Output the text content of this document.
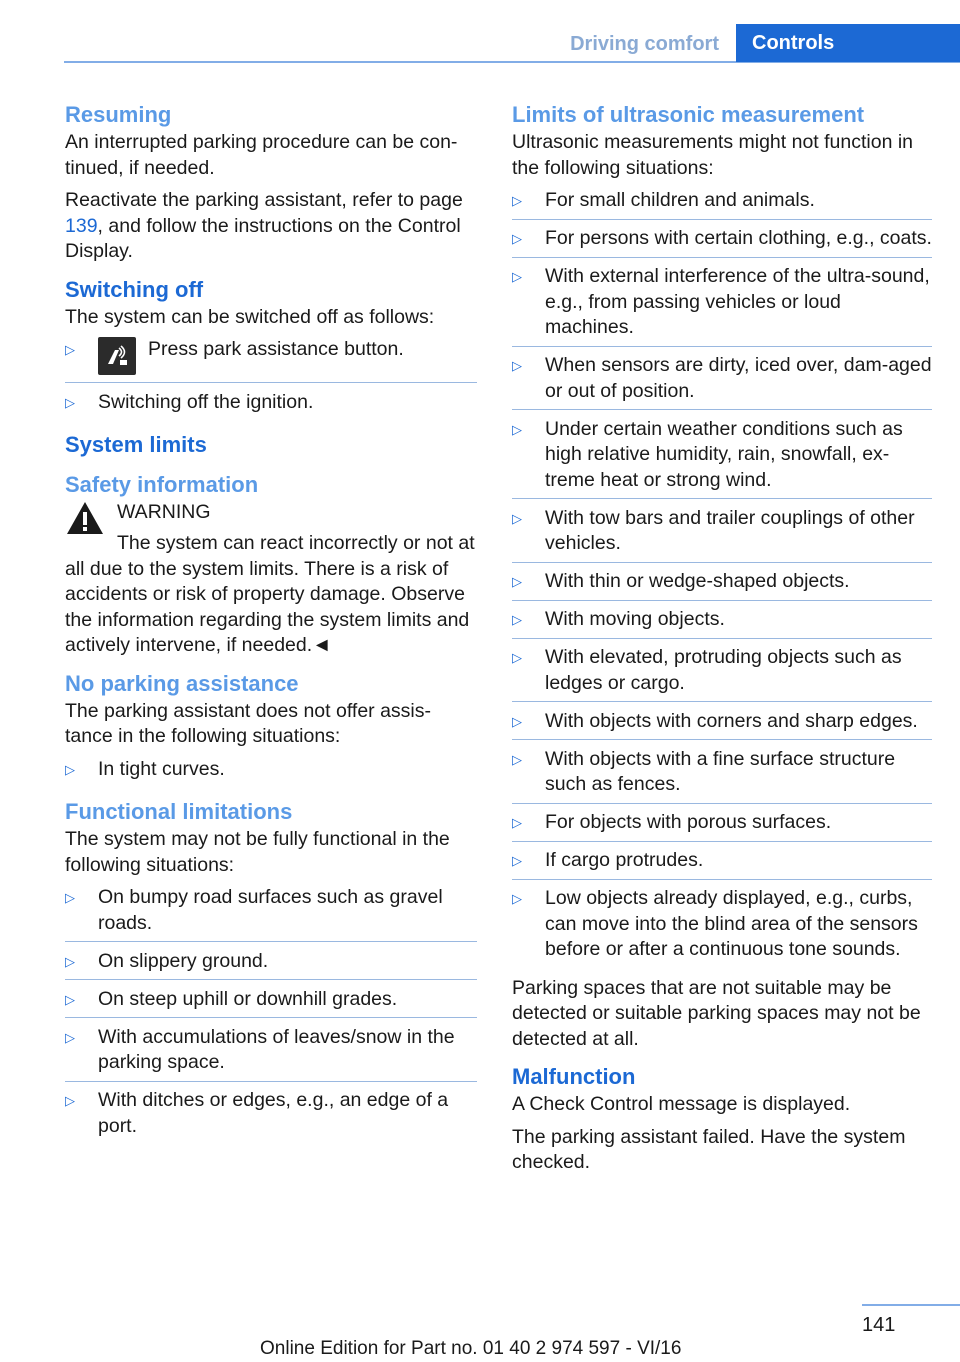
Driving comfort	Controls
Resuming

An interrupted parking procedure can be con‐tinued, if needed.

Reactivate the parking assistant, refer to page 139, and follow the instructions on the Control Display.

Switching off

The system can be switched off as follows:

▷	Press park assistance button.
▷ Switching off the ignition.
System limits
Safety information
WARNING

The system can react incorrectly or not at all due to the system limits. There is a risk of accidents or risk of property damage. Observe the information regarding the system limits and actively intervene, if needed.◄

No parking assistance

The parking assistant does not offer assis‐tance in the following situations:

▷ In tight curves.
Functional limitations

The system may not be fully functional in the following situations:

▷ On bumpy road surfaces such as gravel roads.
▷ On slippery ground.
▷ On steep uphill or downhill grades.
▷ With accumulations of leaves/snow in the parking space.
▷ With ditches or edges, e.g., an edge of a port.
Limits of ultrasonic measurement

Ultrasonic measurements might not function in the following situations:

▷ For small children and animals.
▷ For persons with certain clothing, e.g., coats.
▷ With external interference of the ultra‐sound, e.g., from passing vehicles or loud machines.
▷ When sensors are dirty, iced over, dam‐aged or out of position.
▷ Under certain weather conditions such as high relative humidity, rain, snowfall, ex‐treme heat or strong wind.
▷ With tow bars and trailer couplings of other vehicles.
▷ With thin or wedge-shaped objects.
▷ With moving objects.
▷ With elevated, protruding objects such as ledges or cargo.
▷ With objects with corners and sharp edges.
▷ With objects with a fine surface structure such as fences.
▷ For objects with porous surfaces.
▷ If cargo protrudes.
▷ Low objects already displayed, e.g., curbs, can move into the blind area of the sensors before or after a continuous tone sounds.

Parking spaces that are not suitable may be detected or suitable parking spaces may not be detected at all.

Malfunction

A Check Control message is displayed.

The parking assistant failed. Have the system checked.

141
Online Edition for Part no. 01 40 2 974 597 - VI/16
